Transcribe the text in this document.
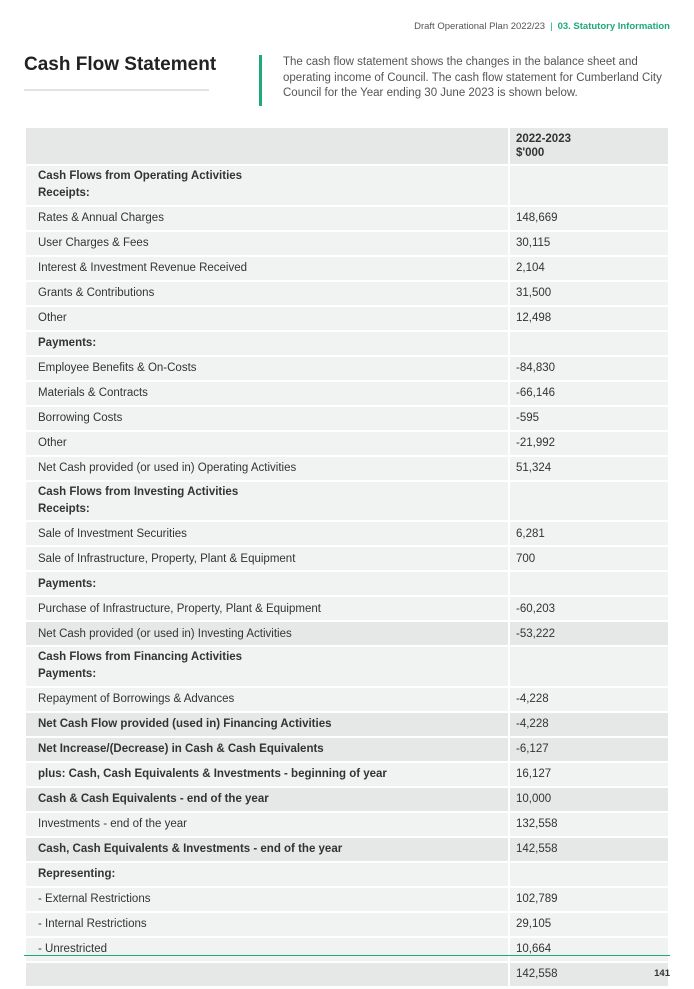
Draft Operational Plan 2022/23 | 03. Statutory Information
Cash Flow Statement	The cash flow statement shows the changes in the balance sheet and operating income of Council. The cash flow statement for Cumberland City Council for the Year ending 30 June 2023 is shown below.

	2022-2023
$'000
Cash Flows from Operating Activities
Receipts:	
Rates & Annual Charges	148,669
User Charges & Fees	30,115
Interest & Investment Revenue Received	2,104
Grants & Contributions	31,500
Other	12,498
Payments:	
Employee Benefits & On-Costs	-84,830
Materials & Contracts	-66,146
Borrowing Costs	-595
Other	-21,992
Net Cash provided (or used in) Operating Activities	51,324
Cash Flows from Investing Activities
Receipts:	
Sale of Investment Securities	6,281
Sale of Infrastructure, Property, Plant & Equipment	700
Payments:	
Purchase of Infrastructure, Property, Plant & Equipment	-60,203
Net Cash provided (or used in) Investing Activities	-53,222
Cash Flows from Financing Activities
Payments:	
Repayment of Borrowings & Advances	-4,228
Net Cash Flow provided (used in) Financing Activities	-4,228
Net Increase/(Decrease) in Cash & Cash Equivalents	-6,127
plus: Cash, Cash Equivalents & Investments - beginning of year	16,127
Cash & Cash Equivalents - end of the year	10,000
Investments - end of the year	132,558
Cash, Cash Equivalents & Investments - end of the year	142,558
Representing:	
- External Restrictions	102,789
- Internal Restrictions	29,105
- Unrestricted	10,664
	142,558	141
